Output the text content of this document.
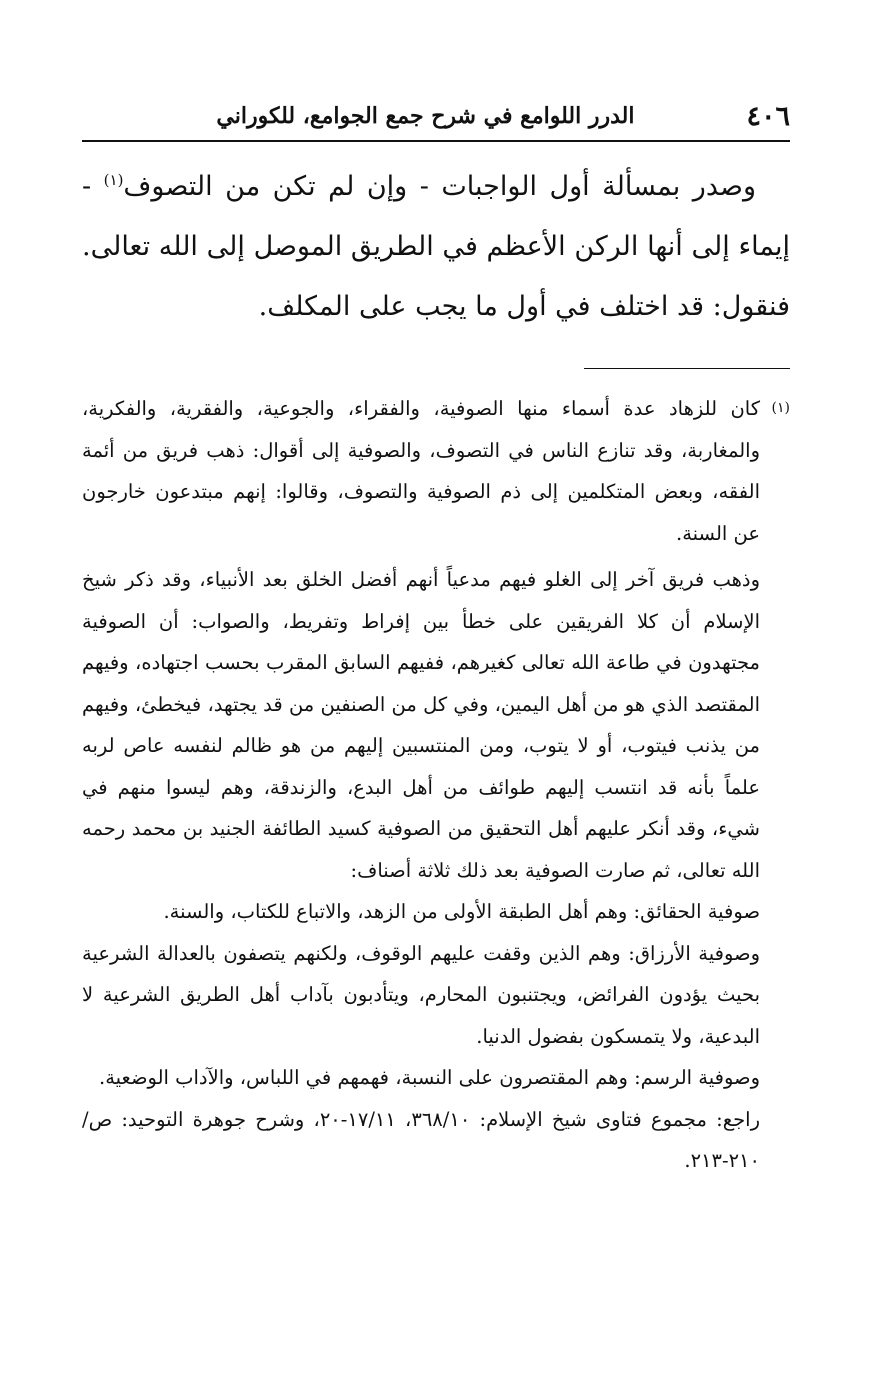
٤٠٦
الدرر اللوامع في شرح جمع الجوامع، للكوراني

وصدر بمسألة أول الواجبات - وإن لم تكن من التصوف$^{(١)}$ - إيماء إلى أنها الركن الأعظم في الطريق الموصل إلى الله تعالى. فنقول: قد اختلف في أول ما يجب على المكلف.

(١)
كان للزهاد عدة أسماء منها الصوفية، والفقراء، والجوعية، والفقرية، والفكرية، والمغاربة، وقد تنازع الناس في التصوف، والصوفية إلى أقوال: ذهب فريق من أئمة الفقه، وبعض المتكلمين إلى ذم الصوفية والتصوف، وقالوا: إنهم مبتدعون خارجون عن السنة.

وذهب فريق آخر إلى الغلو فيهم مدعياً أنهم أفضل الخلق بعد الأنبياء، وقد ذكر شيخ الإسلام أن كلا الفريقين على خطأ بين إفراط وتفريط، والصواب: أن الصوفية مجتهدون في طاعة الله تعالى كغيرهم، ففيهم السابق المقرب بحسب اجتهاده، وفيهم المقتصد الذي هو من أهل اليمين، وفي كل من الصنفين من قد يجتهد، فيخطئ، وفيهم من يذنب فيتوب، أو لا يتوب، ومن المنتسبين إليهم من هو ظالم لنفسه عاص لربه علماً بأنه قد انتسب إليهم طوائف من أهل البدع، والزندقة، وهم ليسوا منهم في شيء، وقد أنكر عليهم أهل التحقيق من الصوفية كسيد الطائفة الجنيد بن محمد رحمه الله تعالى، ثم صارت الصوفية بعد ذلك ثلاثة أصناف:

صوفية الحقائق: وهم أهل الطبقة الأولى من الزهد، والاتباع للكتاب، والسنة.

وصوفية الأرزاق: وهم الذين وقفت عليهم الوقوف، ولكنهم يتصفون بالعدالة الشرعية بحيث يؤدون الفرائض، ويجتنبون المحارم، ويتأدبون بآداب أهل الطريق الشرعية لا البدعية، ولا يتمسكون بفضول الدنيا.

وصوفية الرسم: وهم المقتصرون على النسبة، فهمهم في اللباس، والآداب الوضعية.

راجع: مجموع فتاوى شيخ الإسلام: ٣٦٨/١٠، ١٧/١١-٢٠، وشرح جوهرة التوحيد: ص/٢١٠-٢١٣.
